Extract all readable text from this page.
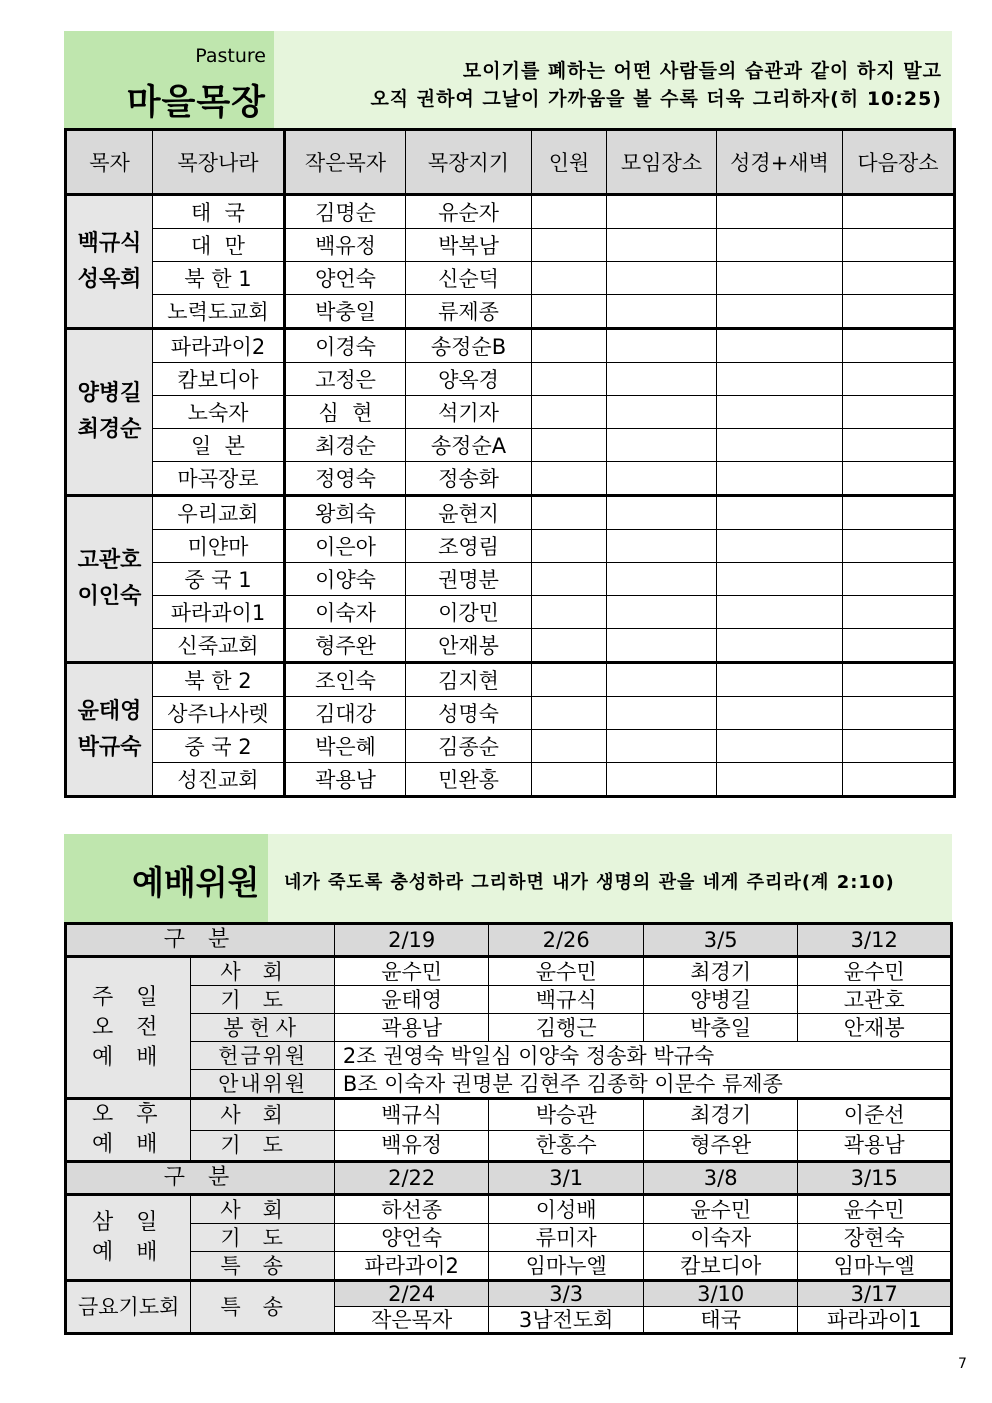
Pasture
마을목장
모이기를 폐하는 어떤 사람들의 습관과 같이 하지 말고
오직 권하여 그날이 가까움을 볼 수록 더욱 그리하자(히 10:25)
목자	목장나라	작은목자	목장지기	인원	모임장소	성경+새벽	다음장소

백규식
성옥희	태  국	김명순	유순자				
	대  만	백유정	박복남				
	북 한 1	양언숙	신순덕				
	노력도교회	박충일	류제종				

양병길
최경순	파라과이2	이경숙	송정순B				
	캄보디아	고정은	양옥경				
	노숙자	심  현	석기자				
	일  본	최경순	송정순A				
	마곡장로	정영숙	정송화				

고관호
이인숙	우리교회	왕희숙	윤현지				
	미얀마	이은아	조영림				
	중 국 1	이양숙	권명분				
	파라과이1	이숙자	이강민				
	신죽교회	형주완	안재봉				

윤태영
박규숙	북 한 2	조인숙	김지현				
	상주나사렛	김대강	성명숙				
	중 국 2	박은혜	김종순				
	성진교회	곽용남	민완홍				
예배위원 네가 죽도록 충성하라 그리하면 내가 생명의 관을 네게 주리라(계 2:10)
구 분		2/19	2/26	3/5	3/12

주 일
오 전
예 배	사회	윤수민	윤수민	최경기	윤수민
	기도	윤태영	백규식	양병길	고관호
	봉헌사	곽용남	김행근	박충일	안재봉
	헌금위원	2조 권영숙 박일심 이양숙 정송화 박규숙			
	안내위원	B조 이숙자 권명분 김현주 김종학 이문수 류제종			

오 후
예 배	사회	백규식	박승관	최경기	이준선
	기도	백유정	한홍수	형주완	곽용남
구 분		2/22	3/1	3/8	3/15

삼 일
예 배	사회	하선종	이성배	윤수민	윤수민
	기도	양언숙	류미자	이숙자	장현숙
	특송	파라과이2	임마누엘	캄보디아	임마누엘
금요기도회	특송	2/24	3/3	3/10	3/17
		작은목자	3남전도회	태국	파라과이1
7
